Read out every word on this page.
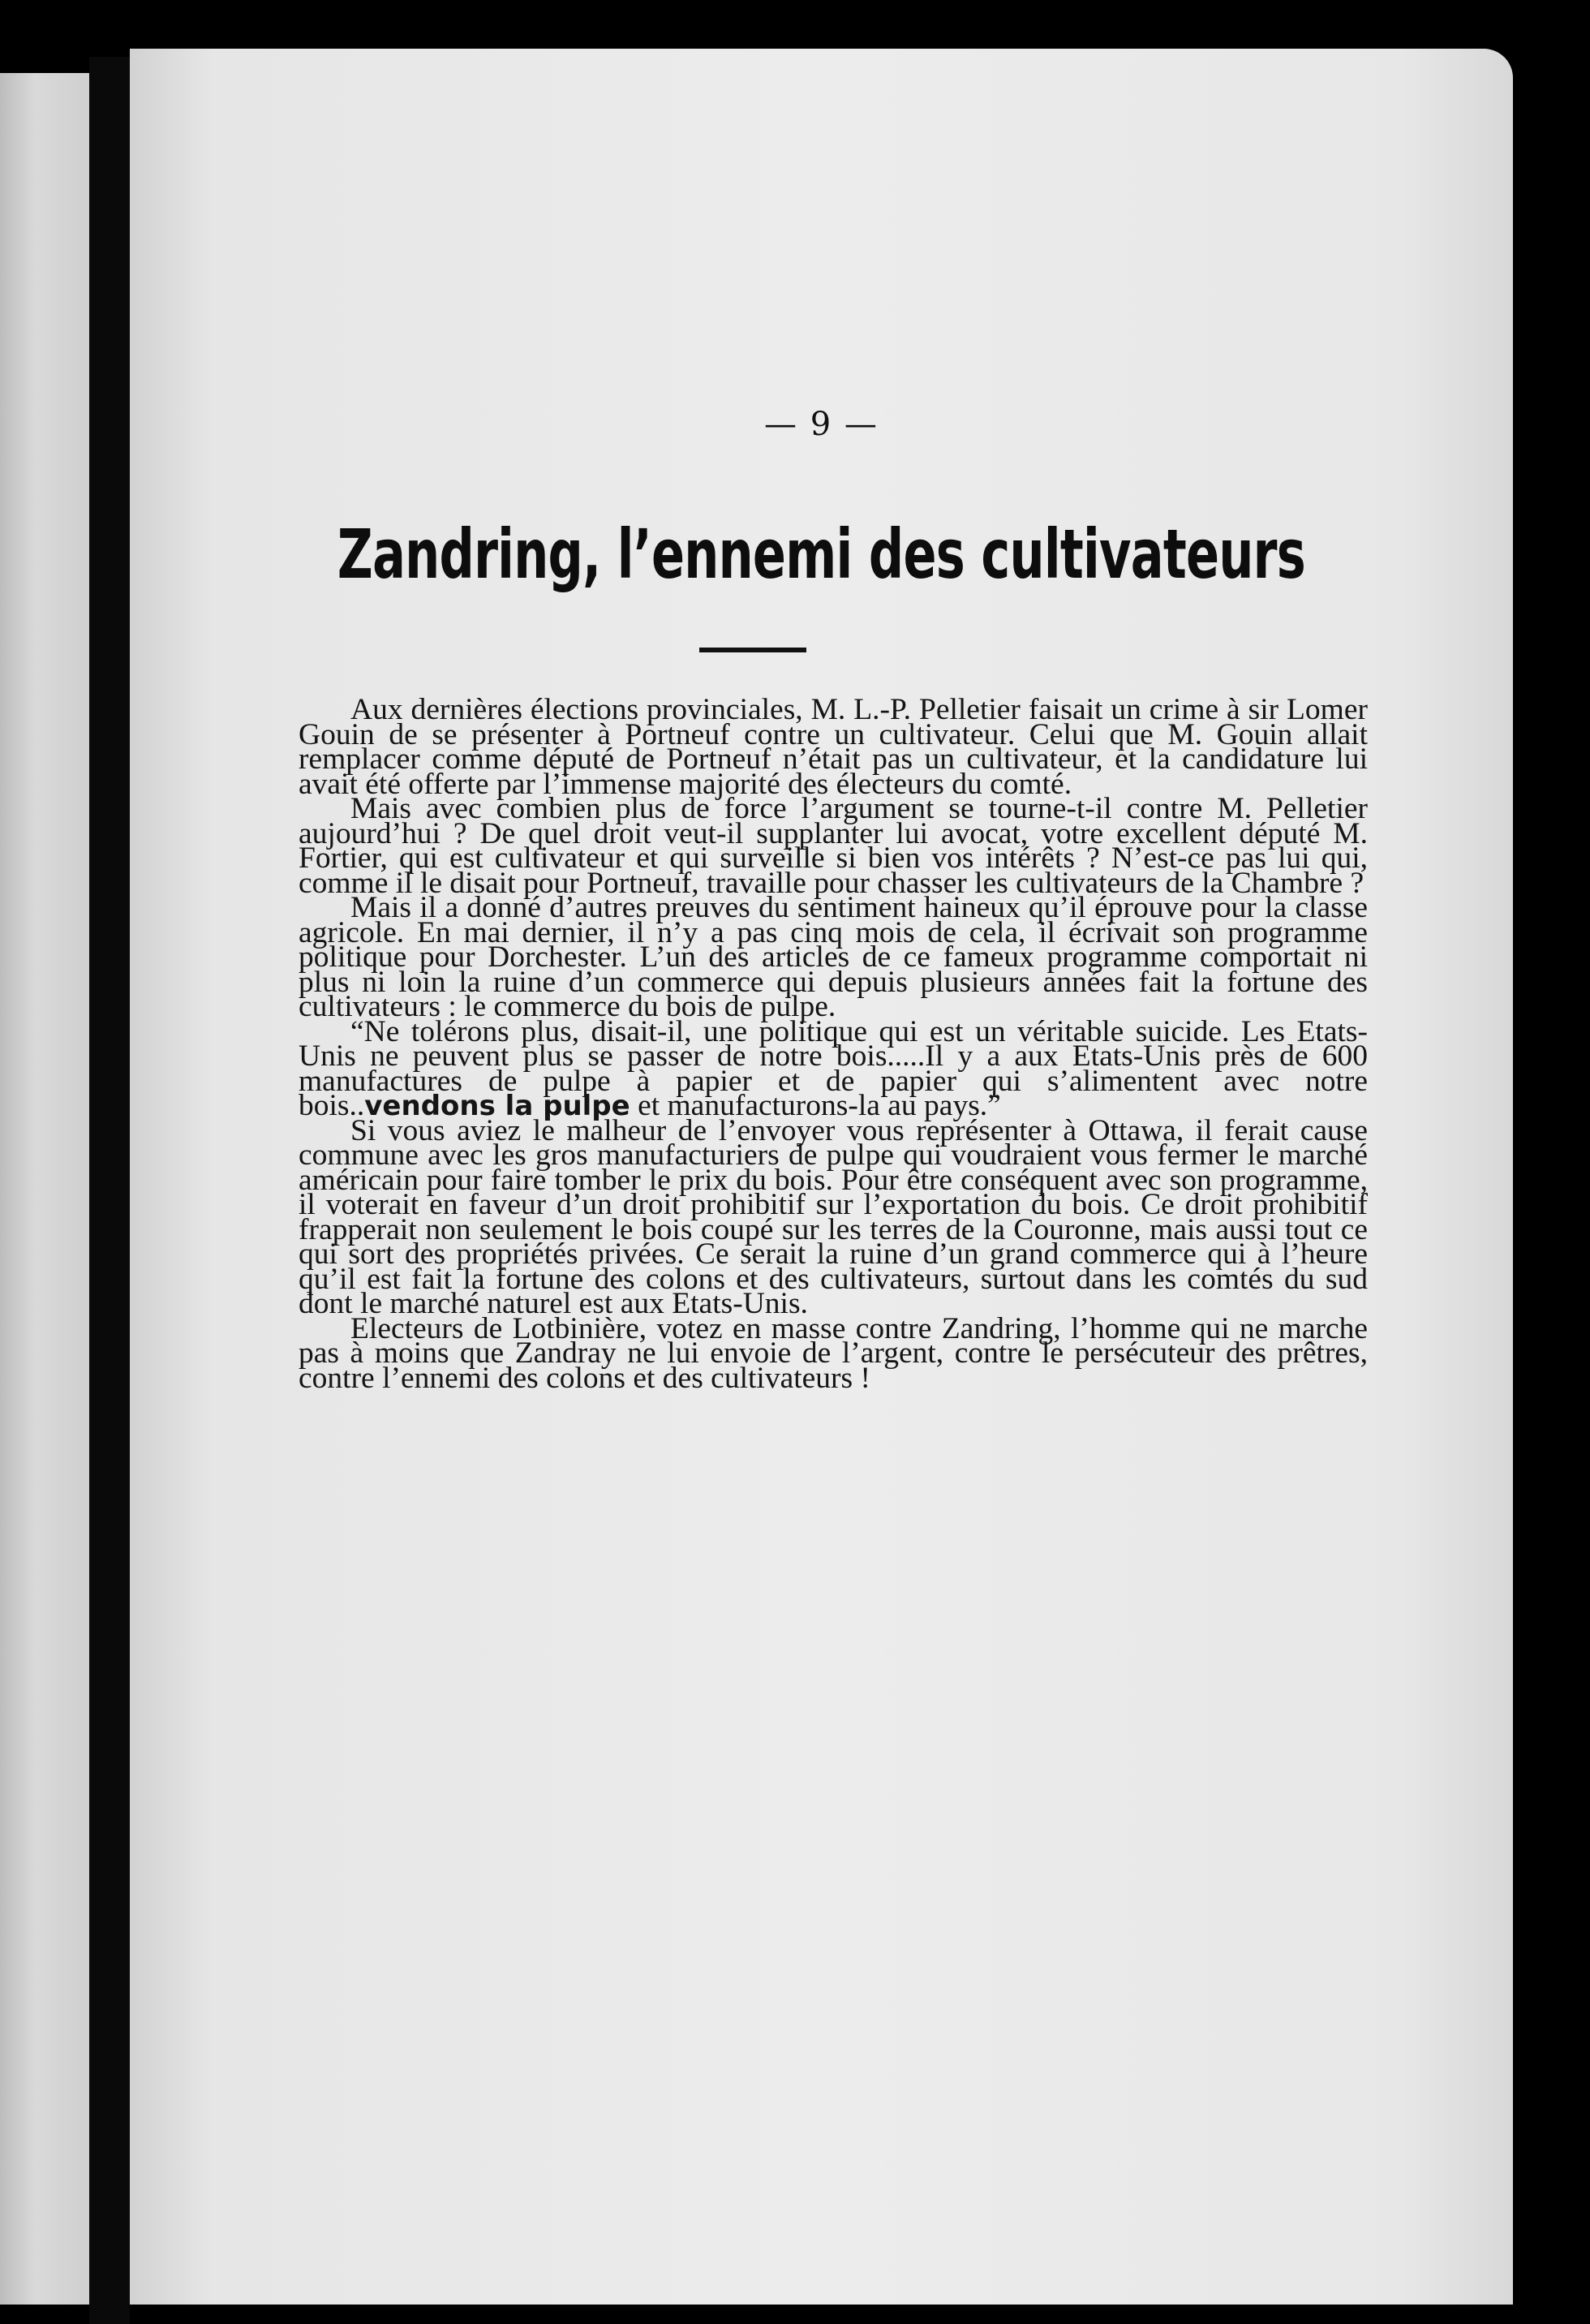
— 9 —
Zandring, l’ennemi des cultivateurs

Aux dernières élections provinciales, M. L.-P. Pelletier faisait un crime à sir Lomer Gouin de se présenter à Portneuf contre un cultivateur. Celui que M. Gouin allait remplacer comme député de Portneuf n’était pas un cultivateur, et la candidature lui avait été offerte par l’immense majorité des électeurs du comté.

Mais avec combien plus de force l’argument se tourne-t-il contre M. Pelletier aujourd’hui ? De quel droit veut-il supplanter lui avocat, votre excellent député M. Fortier, qui est cultivateur et qui surveille si bien vos intérêts ? N’est-ce pas lui qui, comme il le disait pour Portneuf, travaille pour chasser les cultivateurs de la Chambre ?

Mais il a donné d’autres preuves du sentiment haineux qu’il éprouve pour la classe agricole. En mai dernier, il n’y a pas cinq mois de cela, il écrivait son programme politique pour Dorchester. L’un des articles de ce fameux programme comportait ni plus ni loin la ruine d’un commerce qui depuis plusieurs années fait la fortune des cultivateurs : le commerce du bois de pulpe.

“Ne tolérons plus, disait-il, une politique qui est un véritable suicide. Les Etats-Unis ne peuvent plus se passer de notre bois.....Il y a aux Etats-Unis près de 600 manufactures de pulpe à papier et de papier qui s’alimentent avec notre bois..vendons la pulpe et manufacturons-la au pays.”

Si vous aviez le malheur de l’envoyer vous représenter à Ottawa, il ferait cause commune avec les gros manufacturiers de pulpe qui voudraient vous fermer le marché américain pour faire tomber le prix du bois. Pour être conséquent avec son programme, il voterait en faveur d’un droit prohibitif sur l’exportation du bois. Ce droit prohibitif frapperait non seulement le bois coupé sur les terres de la Couronne, mais aussi tout ce qui sort des propriétés privées. Ce serait la ruine d’un grand commerce qui à l’heure qu’il est fait la fortune des colons et des cultivateurs, surtout dans les comtés du sud dont le marché naturel est aux Etats-Unis.

Electeurs de Lotbinière, votez en masse contre Zandring, l’homme qui ne marche pas à moins que Zandray ne lui envoie de l’argent, contre le persécuteur des prêtres, contre l’ennemi des colons et des cultivateurs !
